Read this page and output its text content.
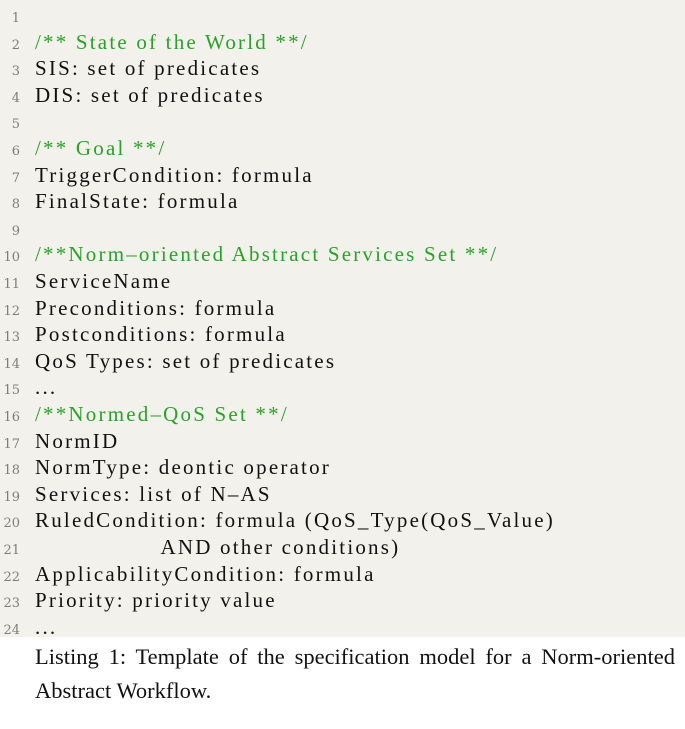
1
2 /** State of the World **/
3 SIS: set of predicates
4 DIS: set of predicates
5
6 /** Goal **/
7 TriggerCondition: formula
8 FinalState: formula
9
10 /**Norm–oriented Abstract Services Set **/
11 ServiceName
12 Preconditions: formula
13 Postconditions: formula
14 QoS Types: set of predicates
15 ...
16 /**Normed–QoS Set **/
17 NormID
18 NormType: deontic operator
19 Services: list of N–AS
20 RuledCondition: formula (QoS_Type(QoS_Value)
21 AND other conditions)
22 ApplicabilityCondition: formula
23 Priority: priority value
24 ...
Listing 1: Template of the specification model for a Norm-oriented Abstract Workflow.
